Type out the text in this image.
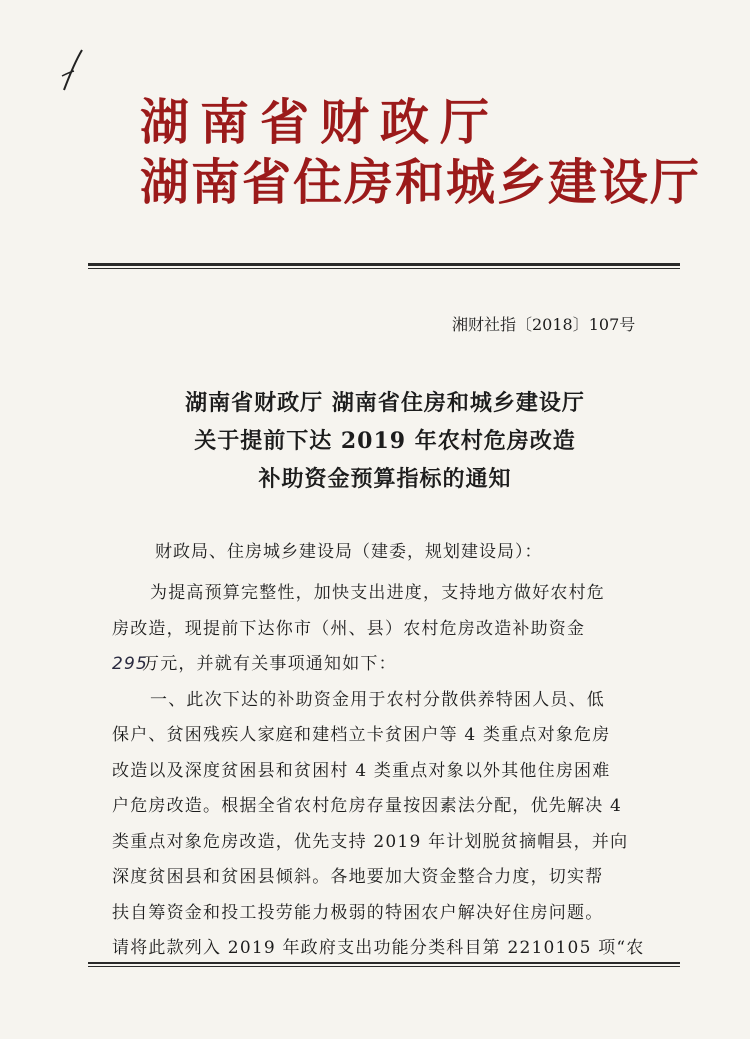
湖南省财政厅
湖南省住房和城乡建设厅
湘财社指〔2018〕107号
湖南省财政厅 湖南省住房和城乡建设厅
关于提前下达 2019 年农村危房改造
补助资金预算指标的通知
财政局、住房城乡建设局（建委，规划建设局）：
为提高预算完整性，加快支出进度，支持地方做好农村危
房改造，现提前下达你市（州、县）农村危房改造补助资金
295万元，并就有关事项通知如下：
一、此次下达的补助资金用于农村分散供养特困人员、低
保户、贫困残疾人家庭和建档立卡贫困户等 4 类重点对象危房
改造以及深度贫困县和贫困村 4 类重点对象以外其他住房困难
户危房改造。根据全省农村危房存量按因素法分配，优先解决 4
类重点对象危房改造，优先支持 2019 年计划脱贫摘帽县，并向
深度贫困县和贫困县倾斜。各地要加大资金整合力度，切实帮
扶自筹资金和投工投劳能力极弱的特困农户解决好住房问题。
请将此款列入 2019 年政府支出功能分类科目第 2210105 项“农
